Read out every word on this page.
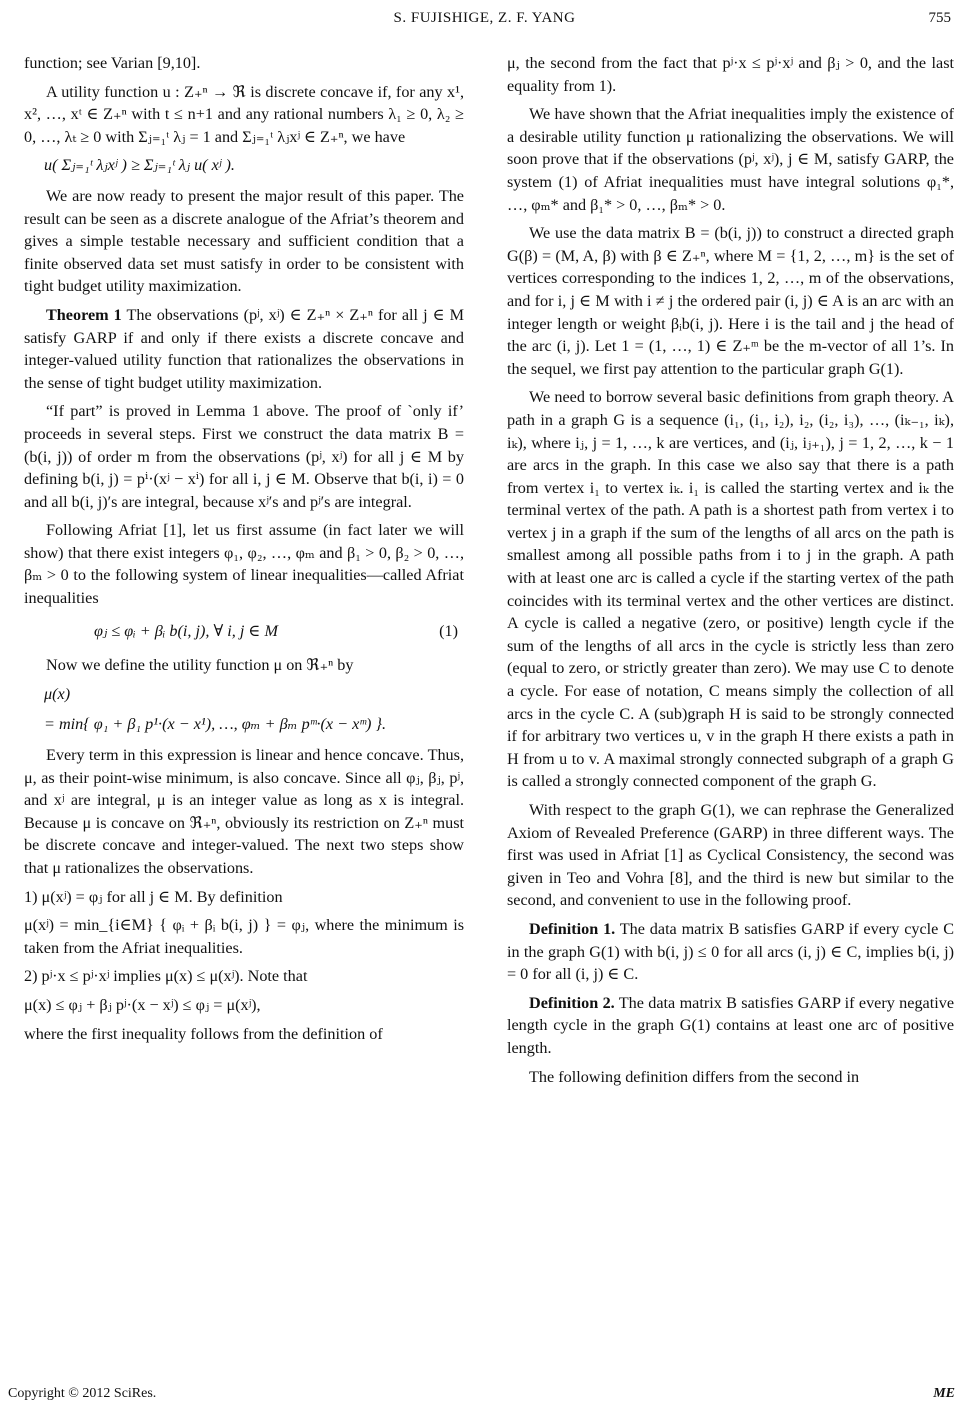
S. FUJISHIGE, Z. F. YANG	755

function; see Varian [9,10].

A utility function u : Z₊ⁿ → ℜ is discrete concave if, for any x¹, x², …, xᵗ ∈ Z₊ⁿ with t ≤ n+1 and any rational numbers λ₁ ≥ 0, λ₂ ≥ 0, …, λₜ ≥ 0 with Σⱼ₌₁ᵗ λⱼ = 1 and Σⱼ₌₁ᵗ λⱼxʲ ∈ Z₊ⁿ, we have

u( Σⱼ₌₁ᵗ λⱼxʲ ) ≥ Σⱼ₌₁ᵗ λⱼ u( xʲ ).

We are now ready to present the major result of this paper. The result can be seen as a discrete analogue of the Afriat’s theorem and gives a simple testable necessary and sufficient condition that a finite observed data set must satisfy in order to be consistent with tight budget utility maximization.

Theorem 1 The observations (pʲ, xʲ) ∈ Z₊ⁿ × Z₊ⁿ for all j ∈ M satisfy GARP if and only if there exists a discrete concave and integer-valued utility function that rationalizes the observations in the sense of tight budget utility maximization.

“If part” is proved in Lemma 1 above. The proof of `only if’ proceeds in several steps. First we construct the data matrix B = (b(i, j)) of order m from the observations (pʲ, xʲ) for all j ∈ M by defining b(i, j) = pⁱ·(xʲ − xⁱ) for all i, j ∈ M. Observe that b(i, i) = 0 and all b(i, j)′s are integral, because xʲ′s and pʲ′s are integral.

Following Afriat [1], let us first assume (in fact later we will show) that there exist integers φ₁, φ₂, …, φₘ and β₁ > 0, β₂ > 0, …, βₘ > 0 to the following system of linear inequalities—called Afriat inequalities

φⱼ ≤ φᵢ + βᵢ b(i, j), ∀ i, j ∈ M	(1)

Now we define the utility function μ on ℜ₊ⁿ by

μ(x)
= min{ φ₁ + β₁ p¹·(x − x¹), …, φₘ + βₘ pᵐ·(x − xᵐ) }.

Every term in this expression is linear and hence concave. Thus, μ, as their point-wise minimum, is also concave. Since all φⱼ, βⱼ, pʲ, and xʲ are integral, μ is an integer value as long as x is integral. Because μ is concave on ℜ₊ⁿ, obviously its restriction on Z₊ⁿ must be discrete concave and integer-valued. The next two steps show that μ rationalizes the observations.

1) μ(xʲ) = φⱼ for all j ∈ M. By definition

μ(xʲ) = min_{i∈M} { φᵢ + βᵢ b(i, j) } = φⱼ, where the minimum is taken from the Afriat inequalities.

2) pʲ·x ≤ pʲ·xʲ implies μ(x) ≤ μ(xʲ). Note that

μ(x) ≤ φⱼ + βⱼ pʲ·(x − xʲ) ≤ φⱼ = μ(xʲ),

where the first inequality follows from the definition of

μ, the second from the fact that pʲ·x ≤ pʲ·xʲ and βⱼ > 0, and the last equality from 1).

We have shown that the Afriat inequalities imply the existence of a desirable utility function μ rationalizing the observations. We will soon prove that if the observations (pʲ, xʲ), j ∈ M, satisfy GARP, the system (1) of Afriat inequalities must have integral solutions φ₁*, …, φₘ* and β₁* > 0, …, βₘ* > 0.

We use the data matrix B = (b(i, j)) to construct a directed graph G(β) = (M, A, β) with β ∈ Z₊ⁿ, where M = {1, 2, …, m} is the set of vertices corresponding to the indices 1, 2, …, m of the observations, and for i, j ∈ M with i ≠ j the ordered pair (i, j) ∈ A is an arc with an integer length or weight βᵢb(i, j). Here i is the tail and j the head of the arc (i, j). Let 1 = (1, …, 1) ∈ Z₊ᵐ be the m-vector of all 1’s. In the sequel, we first pay attention to the particular graph G(1).

We need to borrow several basic definitions from graph theory. A path in a graph G is a sequence (i₁, (i₁, i₂), i₂, (i₂, i₃), …, (iₖ₋₁, iₖ), iₖ), where iⱼ, j = 1, …, k are vertices, and (iⱼ, iⱼ₊₁), j = 1, 2, …, k − 1 are arcs in the graph. In this case we also say that there is a path from vertex i₁ to vertex iₖ. i₁ is called the starting vertex and iₖ the terminal vertex of the path. A path is a shortest path from vertex i to vertex j in a graph if the sum of the lengths of all arcs on the path is smallest among all possible paths from i to j in the graph. A path with at least one arc is called a cycle if the starting vertex of the path coincides with its terminal vertex and the other vertices are distinct. A cycle is called a negative (zero, or positive) length cycle if the sum of the lengths of all arcs in the cycle is strictly less than zero (equal to zero, or strictly greater than zero). We may use C to denote a cycle. For ease of notation, C means simply the collection of all arcs in the cycle C. A (sub)graph H is said to be strongly connected if for arbitrary two vertices u, v in the graph H there exists a path in H from u to v. A maximal strongly connected subgraph of a graph G is called a strongly connected component of the graph G.

With respect to the graph G(1), we can rephrase the Generalized Axiom of Revealed Preference (GARP) in three different ways. The first was used in Afriat [1] as Cyclical Consistency, the second was given in Teo and Vohra [8], and the third is new but similar to the second, and convenient to use in the following proof.

Definition 1. The data matrix B satisfies GARP if every cycle C in the graph G(1) with b(i, j) ≤ 0 for all arcs (i, j) ∈ C, implies b(i, j) = 0 for all (i, j) ∈ C.

Definition 2. The data matrix B satisfies GARP if every negative length cycle in the graph G(1) contains at least one arc of positive length.

The following definition differs from the second in

Copyright © 2012 SciRes.	ME
